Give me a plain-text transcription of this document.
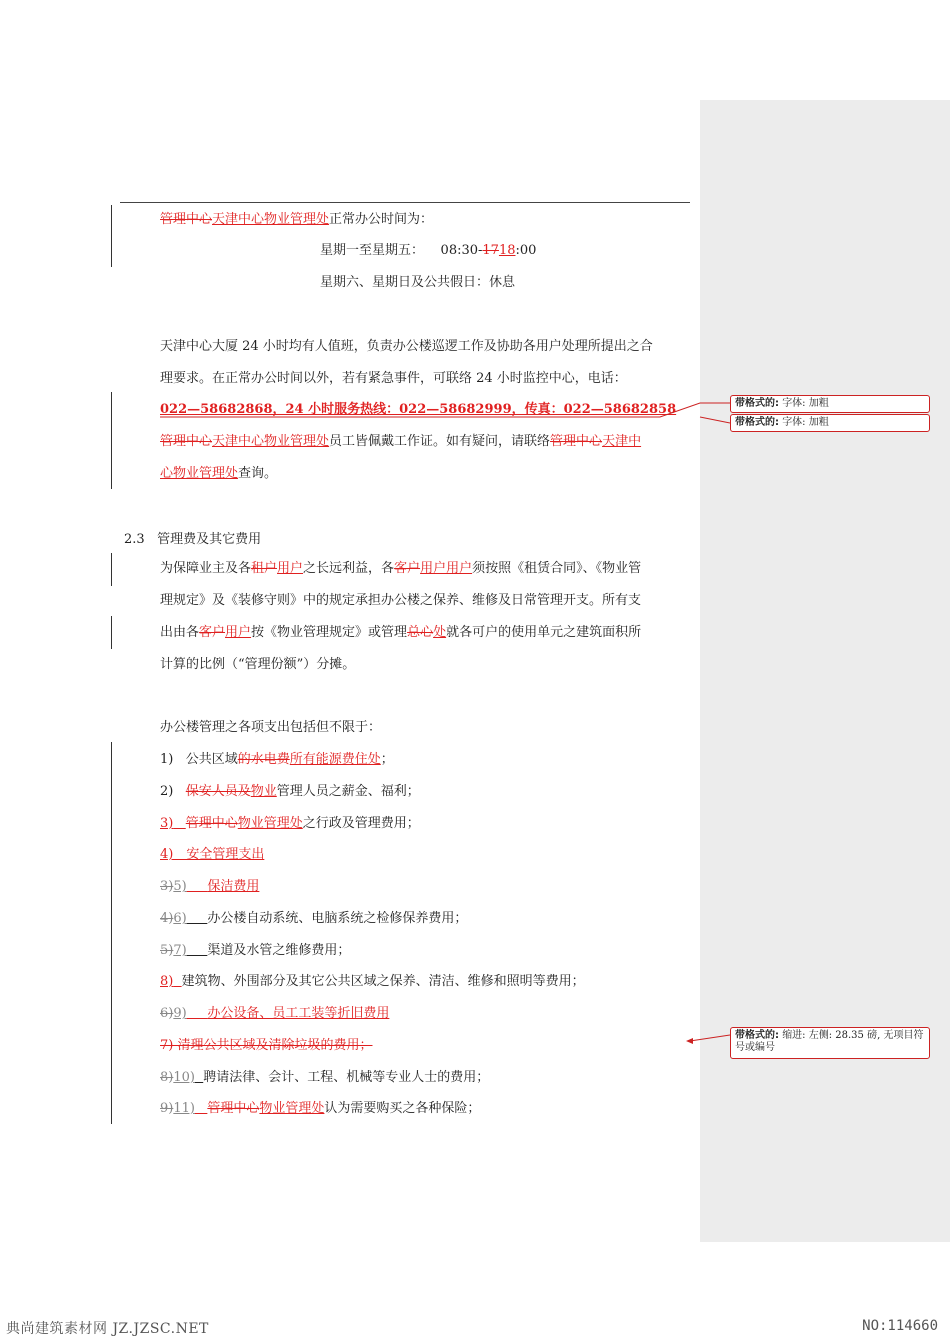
管理中心天津中心物业管理处正常办公时间为：
星期一至星期五： 08:30-1718:00
星期六、星期日及公共假日：休息
天津中心大厦 24 小时均有人值班，负责办公楼巡逻工作及协助各用户处理所提出之合
理要求。在正常办公时间以外，若有紧急事件，可联络 24 小时监控中心，电话：
022—58682868，24 小时服务热线：022—58682999，传真：022—58682858
管理中心天津中心物业管理处员工皆佩戴工作证。如有疑问，请联络管理中心天津中
心物业管理处查询。
2.3 管理费及其它费用
为保障业主及各租户用户之长远利益，各客户用户用户须按照《租赁合同》、《物业管
理规定》及《装修守则》中的规定承担办公楼之保养、维修及日常管理开支。所有支
出由各客户用户按《物业管理规定》或管理总心处就各可户的使用单元之建筑面积所
计算的比例（“管理份额”）分摊。
办公楼管理之各项支出包括但不限于：
1) 公共区域的水电费所有能源费住处；
2) 保安人员及物业管理人员之薪金、福利；
3) 管理中心物业管理处之行政及管理费用；
4)　安全管理支出
3)5) 保洁费用
4)6) 办公楼自动系统、电脑系统之检修保养费用；
5)7) 渠道及水管之维修费用；
8) 建筑物、外围部分及其它公共区域之保养、清洁、维修和照明等费用；
6)9) 办公设备、员工工装等折旧费用
7) 清理公共区域及清除垃圾的费用；
8)10) 聘请法律、会计、工程、机械等专业人士的费用；
9)11) 管理中心物业管理处认为需要购买之各种保险；
带格式的: 字体: 加粗
带格式的: 字体: 加粗
带格式的: 缩进: 左侧: 28.35 磅, 无项目符号或编号
典尚建筑素材网 JZ.JZSC.NET	NO:114660
